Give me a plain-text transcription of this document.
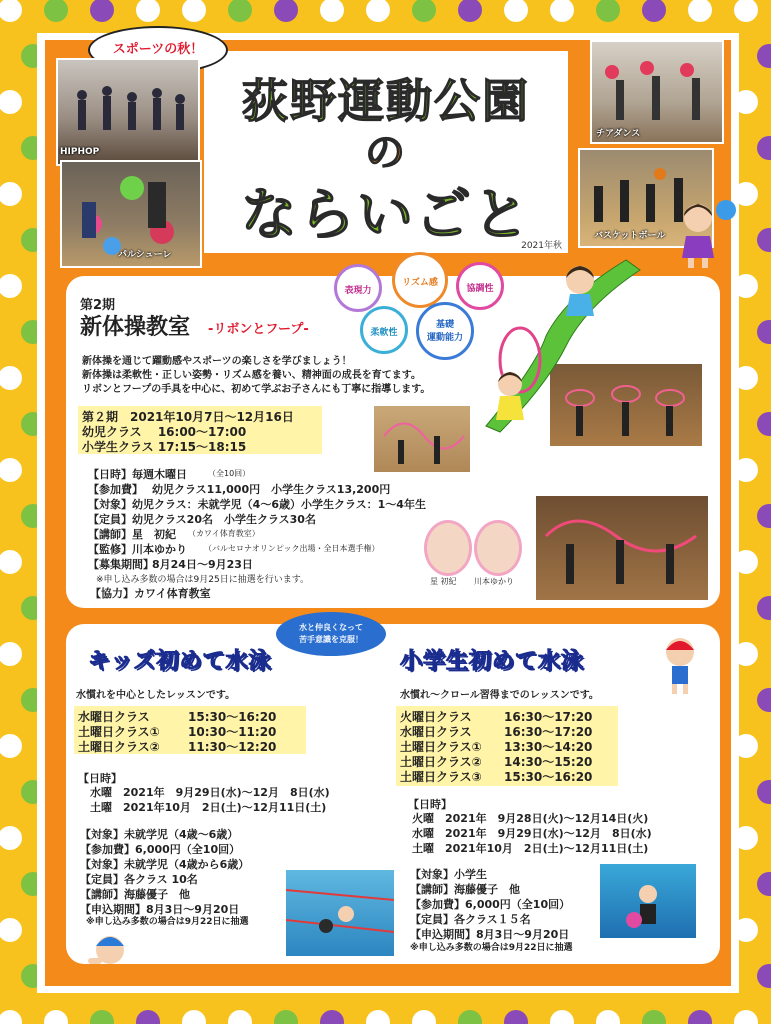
荻野運動公園
の
ならいごと
2021年秋
スポーツの秋！
HIPHOP
パルシューレ
チアダンス
バスケットボール
第2期
新体操教室 -リボンとフープ-
表現力
リズム感
協調性
柔軟性
基礎
運動能力
新体操を通じて躍動感やスポーツの楽しさを学びましょう！
新体操は柔軟性・正しい姿勢・リズム感を養い、精神面の成長を育てます。
リボンとフープの手具を中心に、初めて学ぶお子さんにも丁寧に指導します。
第２期　2021年10月7日～12月16日
幼児クラス　 16:00～17:00
小学生クラス 17:15～18:15
【日時】 毎週木曜日	（全10回）
【参加費】 幼児クラス11,000円　小学生クラス13,200円
【対象】 幼児クラス：未就学児（4～6歳）小学生クラス：1～4年生
【定員】 幼児クラス20名　小学生クラス30名
【講師】 星　初紀 （カワイ体育教室）
【監修】 川本ゆかり （バルセロナオリンピック出場・全日本選手権）
【募集期間】
8月24日～9月23日
※申し込み多数の場合は9月25日に抽選を行います。
【協力】 カワイ体育教室
星 初紀 川本ゆかり
水と仲良くなって
苦手意識を克服！
キッズ初めて水泳
水慣れを中心としたレッスンです。
水曜日クラス	15:30～16:20
土曜日クラス① 10:30～11:20
土曜日クラス② 11:30～12:20
【日時】
水曜　2021年　9月29日(水)～12月　8日(水)
土曜　2021年10月　2日(土)～12月11日(土)
【対象】未就学児（4歳～6歳）
【参加費】6,000円（全10回）
【対象】未就学児（4歳から6歳）
【定員】各クラス 10名
【講師】海藤優子　他
【申込期間】8月3日～9月20日
※申し込み多数の場合は9月22日に抽選
小学生初めて水泳
水慣れ～クロール習得までのレッスンです。
火曜日クラス	16:30～17:20
水曜日クラス	16:30～17:20
土曜日クラス① 13:30～14:20
土曜日クラス② 14:30～15:20
土曜日クラス③ 15:30～16:20
【日時】
火曜　2021年　9月28日(火)～12月14日(火)
水曜　2021年　9月29日(水)～12月　8日(水)
土曜　2021年10月　2日(土)～12月11日(土)
【対象】小学生
【講師】海藤優子　他
【参加費】6,000円（全10回）
【定員】各クラス１５名
【申込期間】8月3日～9月20日
※申し込み多数の場合は9月22日に抽選
